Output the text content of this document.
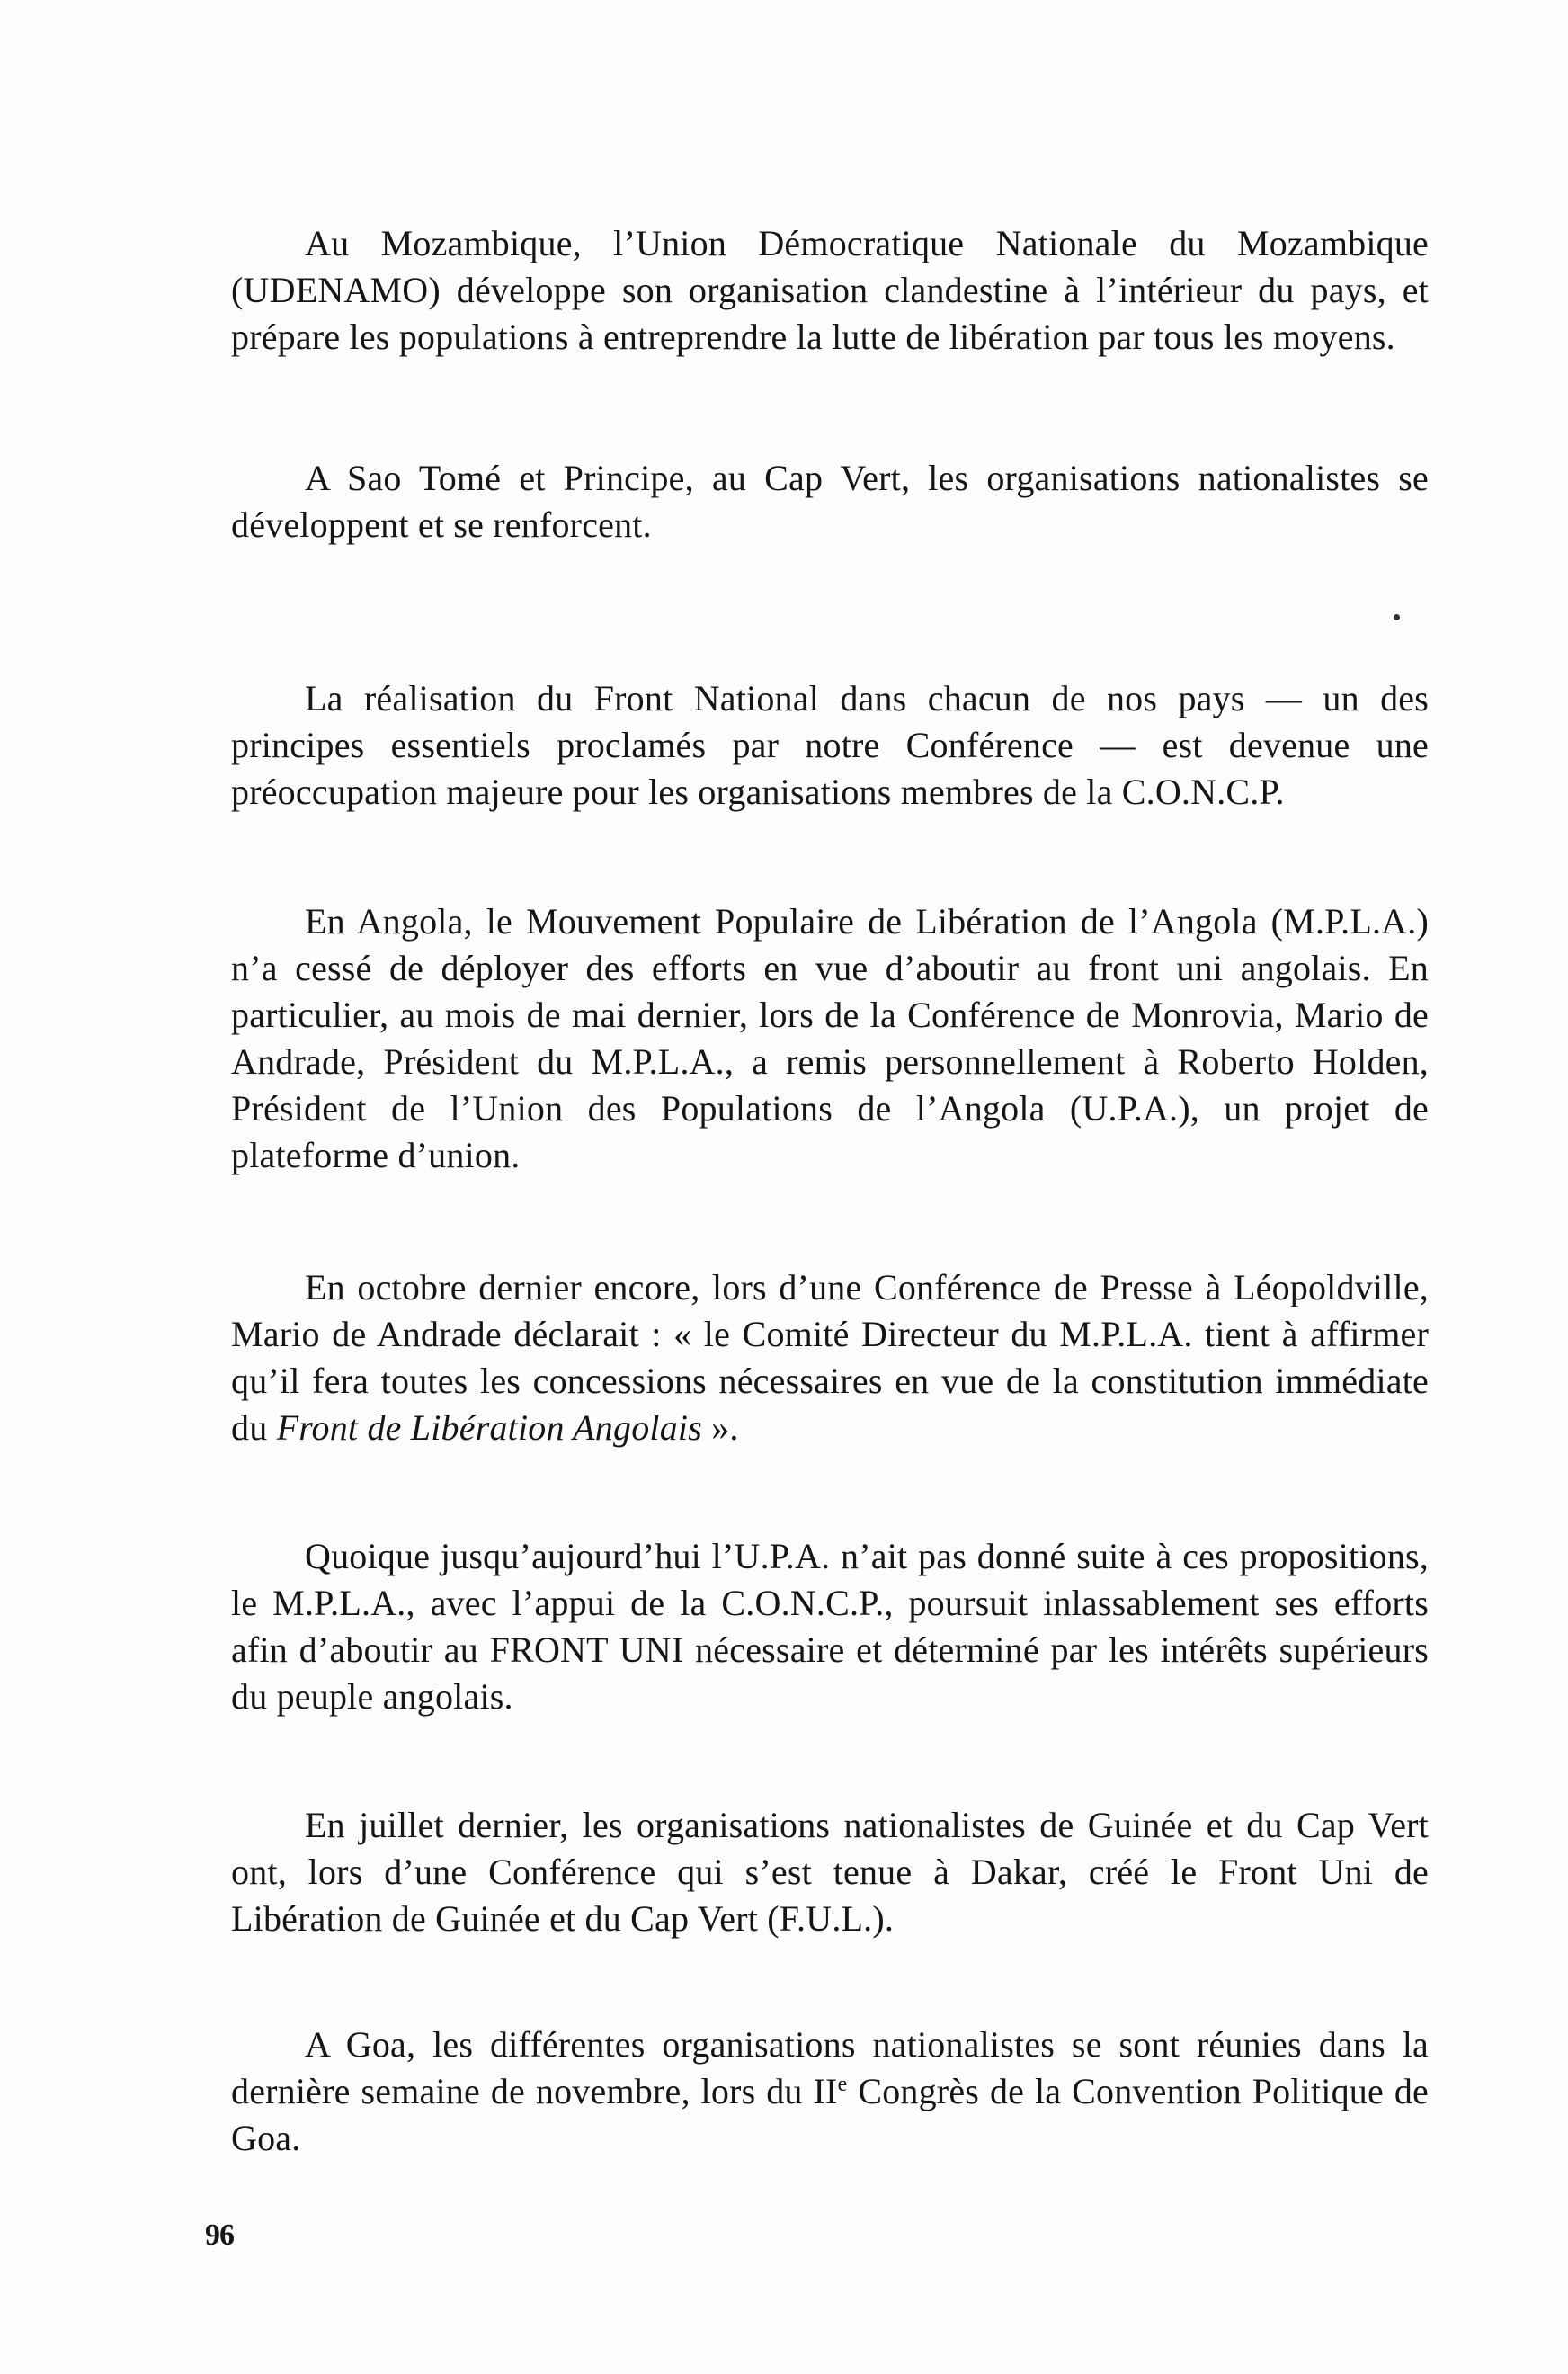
Au Mozambique, l’Union Démocratique Nationale du Mozambique (UDENAMO) développe son organisation clandestine à l’intérieur du pays, et prépare les populations à entreprendre la lutte de libération par tous les moyens.

A Sao Tomé et Principe, au Cap Vert, les organisations nationalistes se développent et se renforcent.

La réalisation du Front National dans chacun de nos pays — un des principes essentiels proclamés par notre Conférence — est devenue une préoccupation majeure pour les organisations membres de la C.O.N.C.P.

En Angola, le Mouvement Populaire de Libération de l’Angola (M.P.L.A.) n’a cessé de déployer des efforts en vue d’aboutir au front uni angolais. En particulier, au mois de mai dernier, lors de la Conférence de Monrovia, Mario de Andrade, Président du M.P.L.A., a remis personnellement à Roberto Holden, Président de l’Union des Populations de l’Angola (U.P.A.), un projet de plateforme d’union.

En octobre dernier encore, lors d’une Conférence de Presse à Léopoldville, Mario de Andrade déclarait : « le Comité Directeur du M.P.L.A. tient à affirmer qu’il fera toutes les concessions nécessaires en vue de la constitution immédiate du Front de Libération Angolais ».

Quoique jusqu’aujourd’hui l’U.P.A. n’ait pas donné suite à ces propositions, le M.P.L.A., avec l’appui de la C.O.N.C.P., poursuit inlassablement ses efforts afin d’aboutir au FRONT UNI nécessaire et déterminé par les intérêts supérieurs du peuple angolais.

En juillet dernier, les organisations nationalistes de Guinée et du Cap Vert ont, lors d’une Conférence qui s’est tenue à Dakar, créé le Front Uni de Libération de Guinée et du Cap Vert (F.U.L.).

A Goa, les différentes organisations nationalistes se sont réunies dans la dernière semaine de novembre, lors du IIe Congrès de la Convention Politique de Goa.

96
